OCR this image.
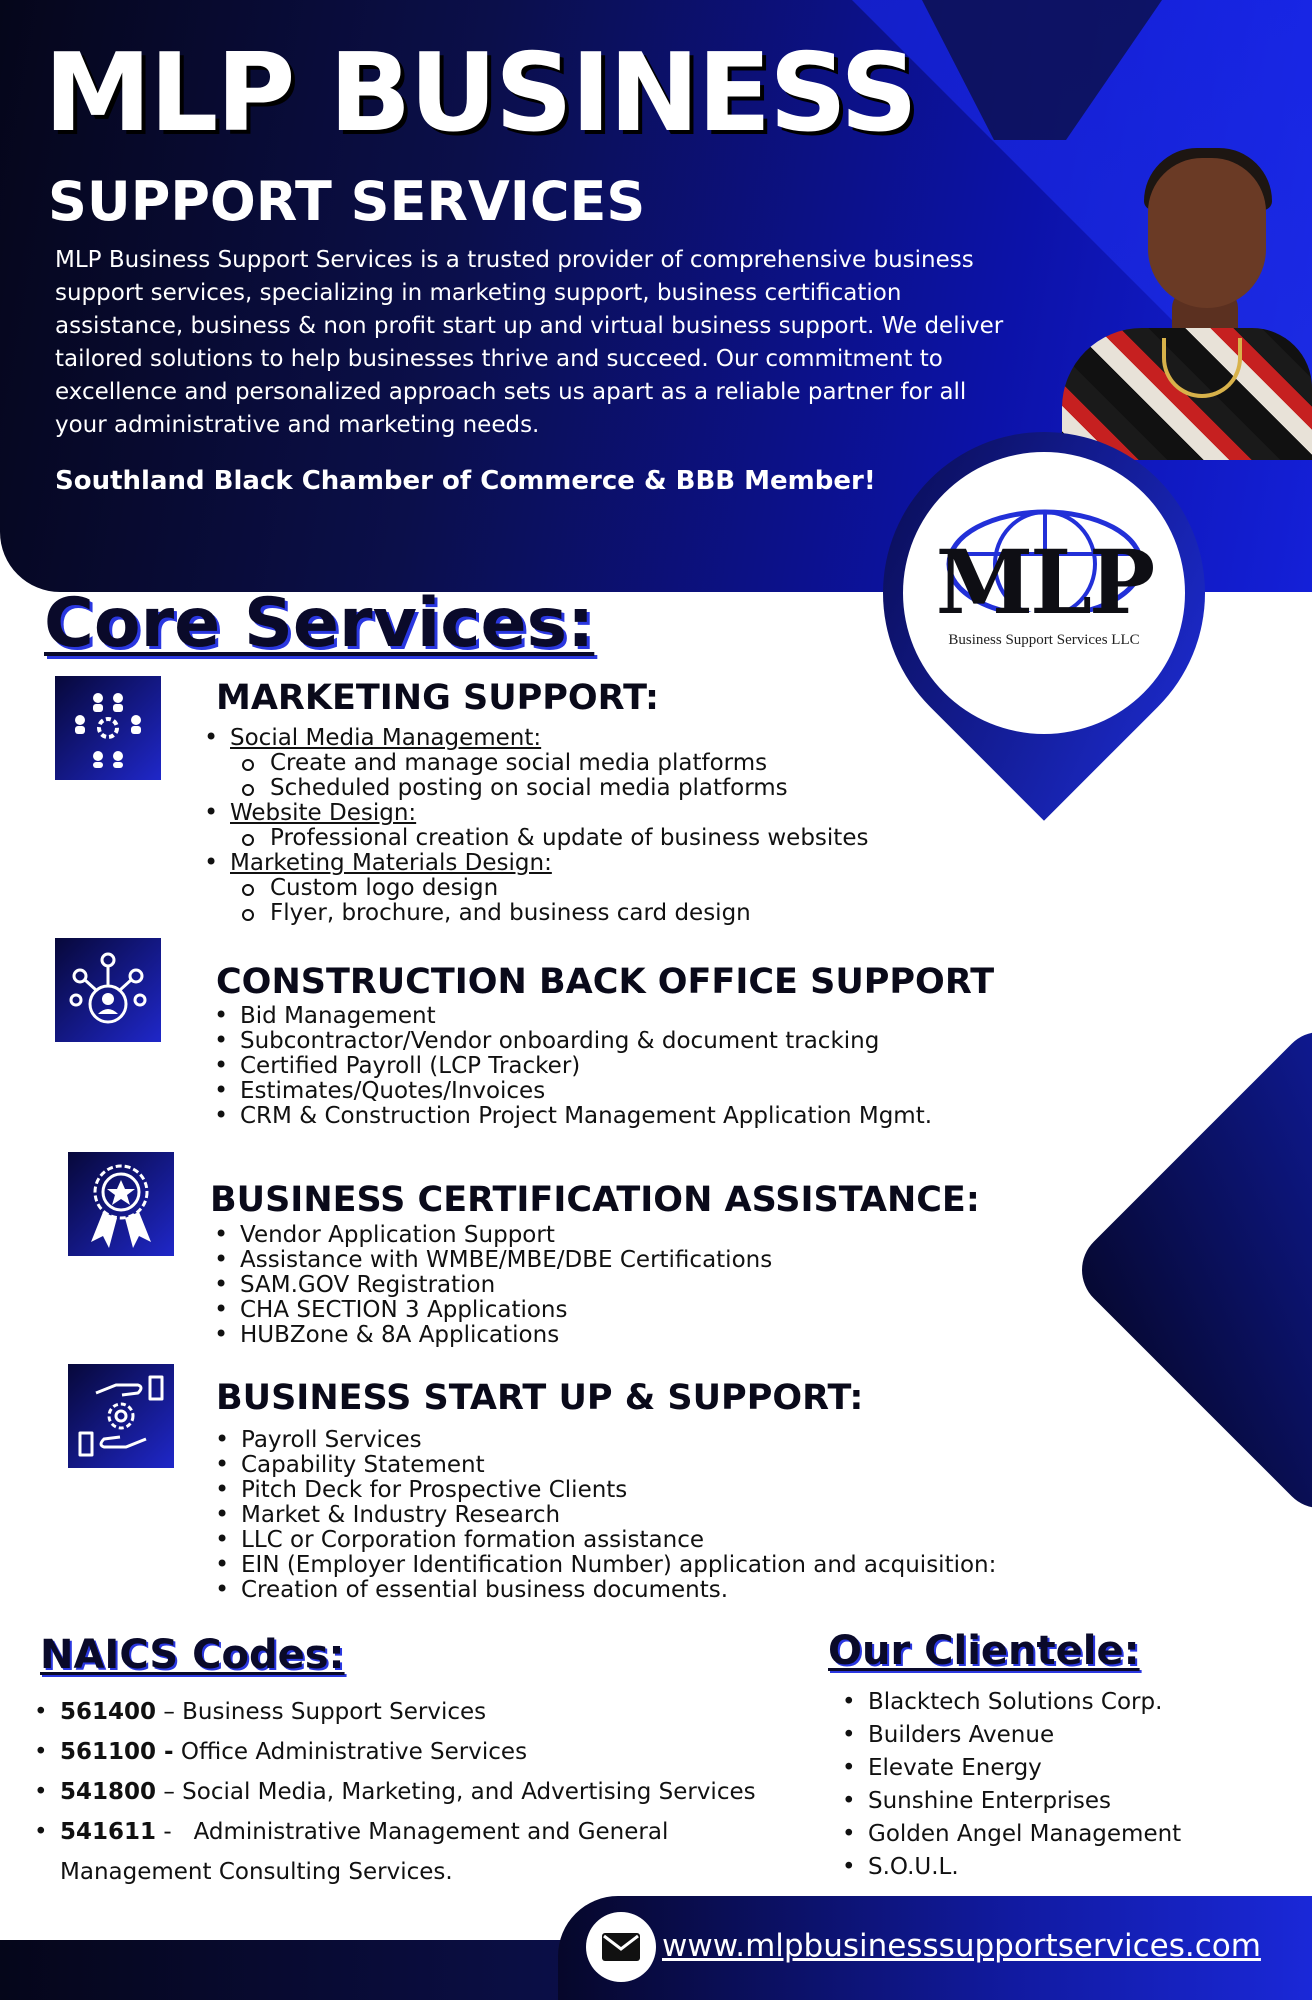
MLP BUSINESS
SUPPORT SERVICES
MLP Business Support Services is a trusted provider of comprehensive business support services, specializing in marketing support, business certification assistance, business & non profit start up and virtual business support. We deliver tailored solutions to help businesses thrive and succeed. Our commitment to excellence and personalized approach sets us apart as a reliable partner for all your administrative and marketing needs.
Southland Black Chamber of Commerce & BBB Member!
MLP
Business Support Services LLC
Core Services:
MARKETING SUPPORT:
• Social Media Management:
Create and manage social media platforms
Scheduled posting on social media platforms
• Website Design:
Professional creation & update of business websites
• Marketing Materials Design:
Custom logo design
Flyer, brochure, and business card design
CONSTRUCTION BACK OFFICE SUPPORT
• Bid Management
• Subcontractor/Vendor onboarding & document tracking
• Certified Payroll (LCP Tracker)
• Estimates/Quotes/Invoices
• CRM & Construction Project Management Application Mgmt.
BUSINESS CERTIFICATION ASSISTANCE:
• Vendor Application Support
• Assistance with WMBE/MBE/DBE Certifications
• SAM.GOV Registration
• CHA SECTION 3 Applications
• HUBZone & 8A Applications
BUSINESS START UP & SUPPORT:
• Payroll Services
• Capability Statement
• Pitch Deck for Prospective Clients
• Market & Industry Research
• LLC or Corporation formation assistance
• EIN (Employer Identification Number) application and acquisition:
• Creation of essential business documents.
NAICS Codes:
• 561400 – Business Support Services
• 561100 - Office Administrative Services
• 541800 – Social Media, Marketing, and Advertising Services
• 541611 -   Administrative Management and General Management Consulting Services.
Our Clientele:
• Blacktech Solutions Corp.
• Builders Avenue
• Elevate Energy
• Sunshine Enterprises
• Golden Angel Management
• S.O.U.L.
www.mlpbusinesssupportservices.com
